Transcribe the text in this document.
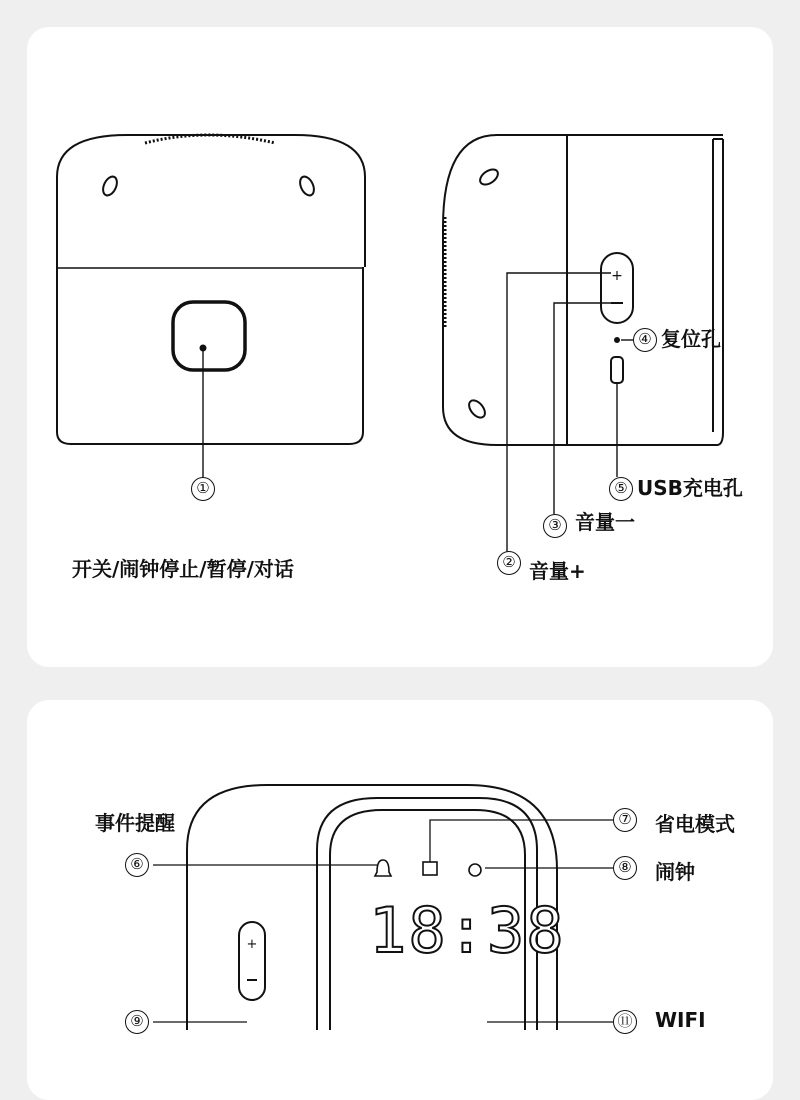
+
①
开关/闹钟停止/暂停/对话
④ 复位孔
⑤ USB充电孔
③ 音量一
② 音量+
+ 18:38
事件提醒
⑥
⑦ 省电模式
⑧ 闹钟
⑨	⑪ WIFI
